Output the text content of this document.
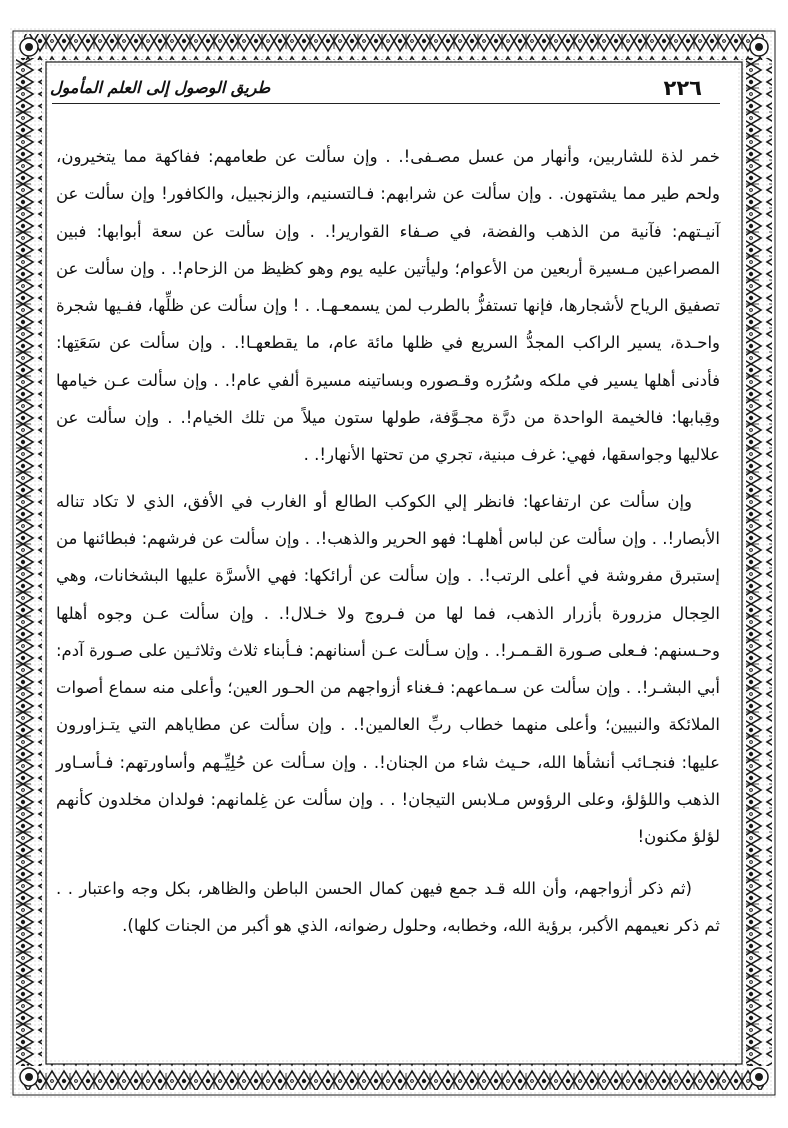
٢٢٦
طريق الوصول إلى العلم المأمول

خمر لذة للشاربين، وأنهار من عسل مصـفى!. . وإن سألت عن طعامهم: ففاكهة مما يتخيرون، ولحم طير مما يشتهون. . وإن سألت عن شرابهم: فـالتسنيم، والزنجبيل، والكافور! وإن سألت عن آنيـتهم: فآنية من الذهب والفضة، في صـفاء القوارير!. . وإن سألت عن سعة أبوابها: فبين المصراعين مـسيرة أربعين من الأعوام؛ وليأتين عليه يوم وهو كظيظ من الزحام!. . وإن سألت عن تصفيق الرياح لأشجارها، فإنها تستفزُّ بالطرب لمن يسمعـهـا. . ! وإن سألت عن ظلِّها، ففـيها شجرة واحـدة، يسير الراكب المجدُّ السريع في ظلها مائة عام، ما يقطعهـا!. . وإن سألت عن سَعَتِها: فأدنى أهلها يسير في ملكه وسُرُره وقـصوره وبساتينه مسيرة ألفي عام!. . وإن سألت عـن خيامها وقِبابها: فالخيمة الواحدة من درَّة مجـوَّفة، طولها ستون ميلاً من تلك الخيام!. . وإن سألت عن علاليها وجواسقها، فهي: غرف مبنية، تجري من تحتها الأنهار!. .

وإن سألت عن ارتفاعها: فانظر إلي الكوكب الطالع أو الغارب في الأفق، الذي لا تكاد تناله الأبصار!. . وإن سألت عن لباس أهلهـا: فهو الحرير والذهب!. . وإن سألت عن فرشهم: فبطائنها من إستبرق مفروشة في أعلى الرتب!. . وإن سألت عن أرائكها: فهي الأسرَّة عليها البشخانات، وهي الحِجال مزرورة بأزرار الذهب، فما لها من فـروج ولا خـلال!. . وإن سألت عـن وجوه أهلها وحـسنهم: فـعلى صـورة القـمـر!. . وإن سـألت عـن أسنانهم: فـأبناء ثلاث وثلاثـين على صـورة آدم: أبي البشـر!. . وإن سألت عن سـماعهم: فـغناء أزواجهم من الحـور العين؛ وأعلى منه سماع أصوات الملائكة والنبيين؛ وأعلى منهما خطاب ربِّ العالمين!. . وإن سألت عن مطاياهم التي يتـزاورون عليها: فنجـائب أنشأها الله، حـيث شاء من الجنان!. . وإن سـألت عن حُلِيِّـهم وأساورتهم: فـأسـاور الذهب واللؤلؤ، وعلى الرؤوس مـلابس التيجان! . . وإن سألت عن غِلمانهم: فولدان مخلدون كأنهم لؤلؤ مكنون!

(ثم ذكر أزواجهم، وأن الله قـد جمع فيهن كمال الحسن الباطن والظاهر، بكل وجه واعتبار . . ثم ذكر نعيمهم الأكبر، برؤية الله، وخطابه، وحلول رضوانه، الذي هو أكبر من الجنات كلها).
